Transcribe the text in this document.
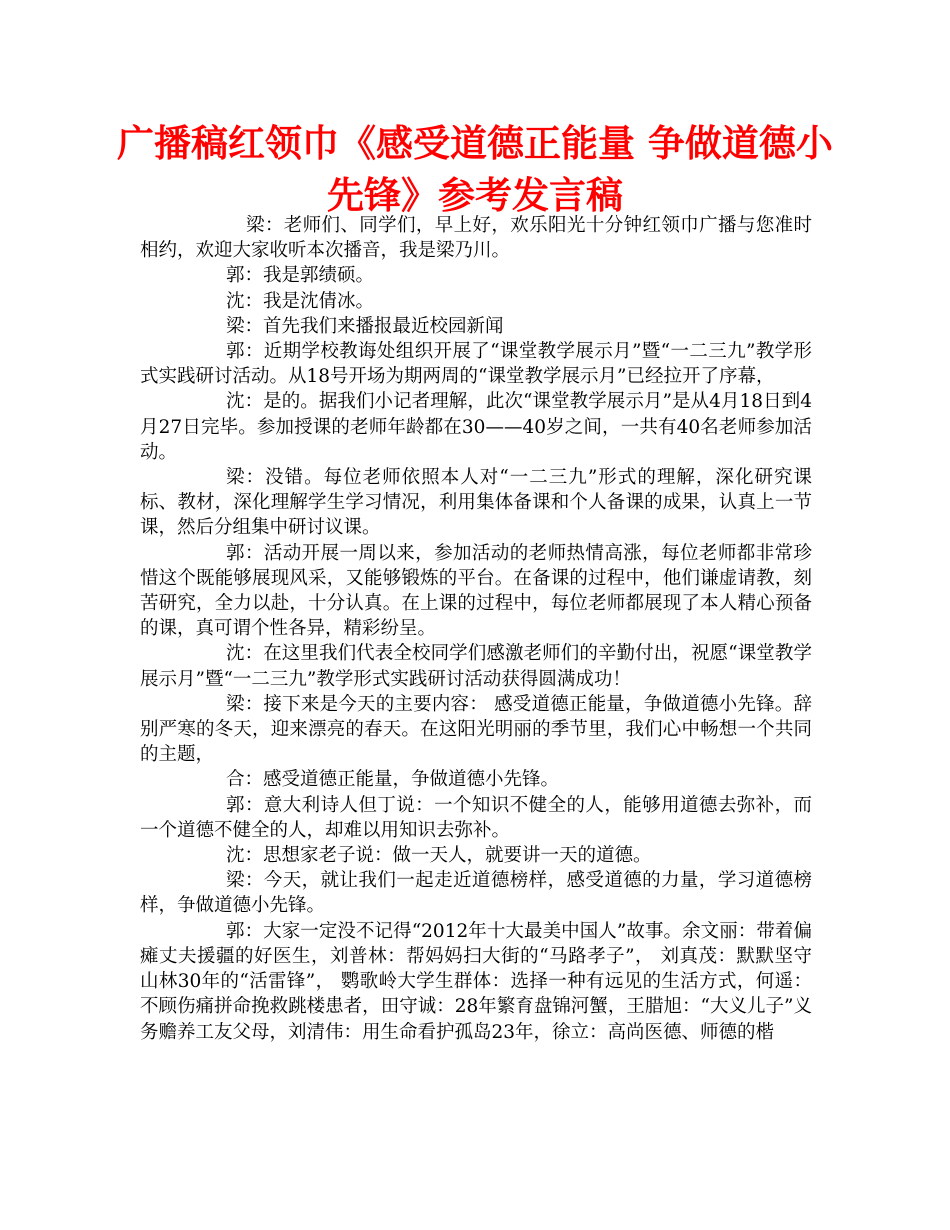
广播稿红领巾《感受道德正能量 争做道德小先锋》参考发言稿

梁：老师们、同学们，早上好，欢乐阳光十分钟红领巾广播与您准时相约，欢迎大家收听本次播音，我是梁乃川。

郭：我是郭绩硕。

沈：我是沈倩冰。

梁：首先我们来播报最近校园新闻

郭：近期学校教诲处组织开展了“课堂教学展示月”暨“一二三九”教学形式实践研讨活动。从18号开场为期两周的“课堂教学展示月”已经拉开了序幕，

沈：是的。据我们小记者理解，此次“课堂教学展示月”是从4月18日到4月27日完毕。参加授课的老师年龄都在30——40岁之间，一共有40名老师参加活动。

梁：没错。每位老师依照本人对“一二三九”形式的理解，深化研究课标、教材，深化理解学生学习情况，利用集体备课和个人备课的成果，认真上一节课，然后分组集中研讨议课。

郭：活动开展一周以来，参加活动的老师热情高涨，每位老师都非常珍惜这个既能够展现风采，又能够锻炼的平台。在备课的过程中，他们谦虚请教，刻苦研究，全力以赴，十分认真。在上课的过程中，每位老师都展现了本人精心预备的课，真可谓个性各异，精彩纷呈。

沈：在这里我们代表全校同学们感激老师们的辛勤付出，祝愿“课堂教学展示月”暨“一二三九”教学形式实践研讨活动获得圆满成功！

梁：接下来是今天的主要内容： 感受道德正能量，争做道德小先锋。辞别严寒的冬天，迎来漂亮的春天。在这阳光明丽的季节里，我们心中畅想一个共同的主题，

合：感受道德正能量，争做道德小先锋。

郭：意大利诗人但丁说：一个知识不健全的人，能够用道德去弥补，而一个道德不健全的人，却难以用知识去弥补。

沈：思想家老子说：做一天人，就要讲一天的道德。

梁：今天，就让我们一起走近道德榜样，感受道德的力量，学习道德榜样，争做道德小先锋。

郭：大家一定没不记得“2012年十大最美中国人”故事。余文丽：带着偏瘫丈夫援疆的好医生，刘普林：帮妈妈扫大街的“马路孝子”， 刘真茂：默默坚守山林30年的“活雷锋”， 鹦歌岭大学生群体：选择一种有远见的生活方式，何遥：不顾伤痛拼命挽救跳楼患者，田守诚：28年繁育盘锦河蟹，王腊旭：“大义儿子”义务赡养工友父母，刘清伟：用生命看护孤岛23年，徐立：高尚医德、师德的楷
